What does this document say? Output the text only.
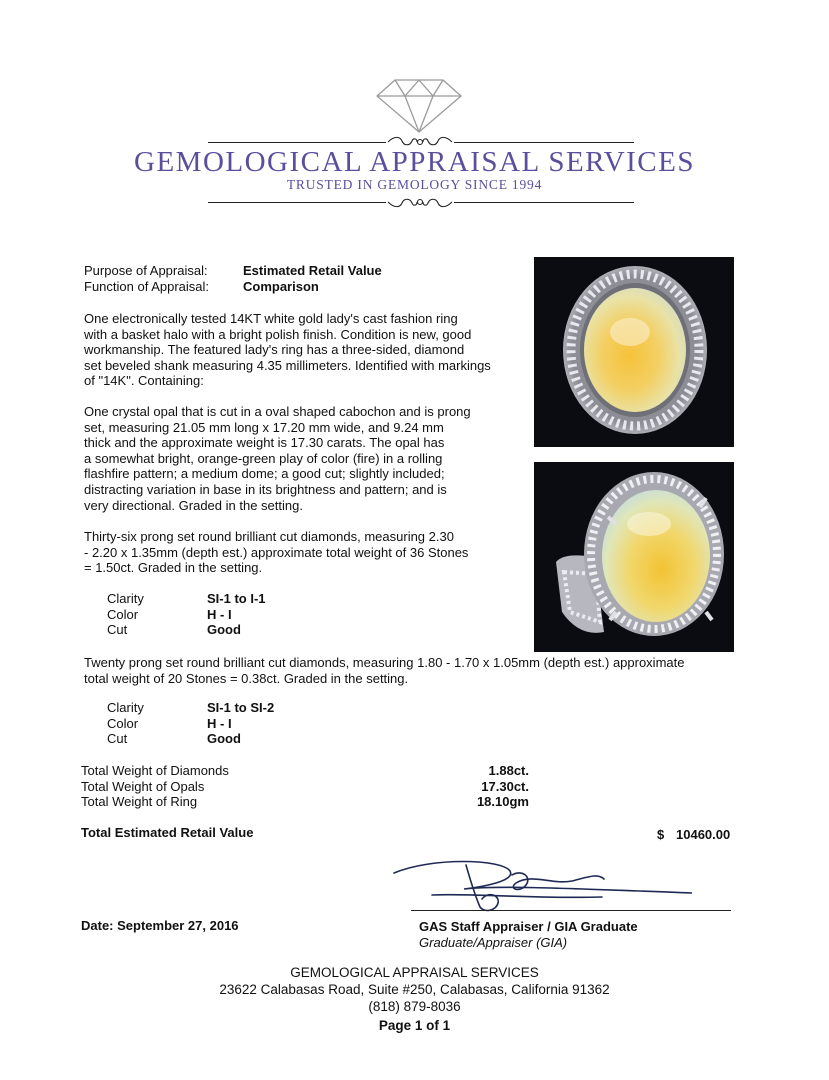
GEMOLOGICAL APPRAISAL SERVICES
TRUSTED IN GEMOLOGY SINCE 1994
Purpose of Appraisal:	Estimated Retail Value
Function of Appraisal:	Comparison
One electronically tested 14KT white gold lady's cast fashion ring
with a basket halo with a bright polish finish. Condition is new, good
workmanship. The featured lady's ring has a three-sided, diamond
set beveled shank measuring 4.35 millimeters. Identified with markings
of "14K". Containing:
One crystal opal that is cut in a oval shaped cabochon and is prong
set, measuring 21.05 mm long x 17.20 mm wide, and 9.24 mm
thick and the approximate weight is 17.30 carats. The opal has
a somewhat bright, orange-green play of color (fire) in a rolling
flashfire pattern; a medium dome; a good cut; slightly included;
distracting variation in base in its brightness and pattern; and is
very directional. Graded in the setting.
Thirty-six prong set round brilliant cut diamonds, measuring 2.30
- 2.20 x 1.35mm (depth est.) approximate total weight of 36 Stones
= 1.50ct. Graded in the setting.
Clarity	SI-1 to I-1
Color	H - I
Cut	Good
Twenty prong set round brilliant cut diamonds, measuring 1.80 - 1.70 x 1.05mm (depth est.) approximate
total weight of 20 Stones = 0.38ct. Graded in the setting.
Clarity	SI-1 to SI-2
Color	H - I
Cut	Good
Total Weight of Diamonds	1.88ct.
Total Weight of Opals	17.30ct.
Total Weight of Ring	18.10gm
Total Estimated Retail Value	$ 10460.00
Date: September 27, 2016	GAS Staff Appraiser / GIA Graduate
Graduate/Appraiser (GIA)
GEMOLOGICAL APPRAISAL SERVICES
23622 Calabasas Road, Suite #250, Calabasas, California 91362
(818) 879-8036
Page 1 of 1
